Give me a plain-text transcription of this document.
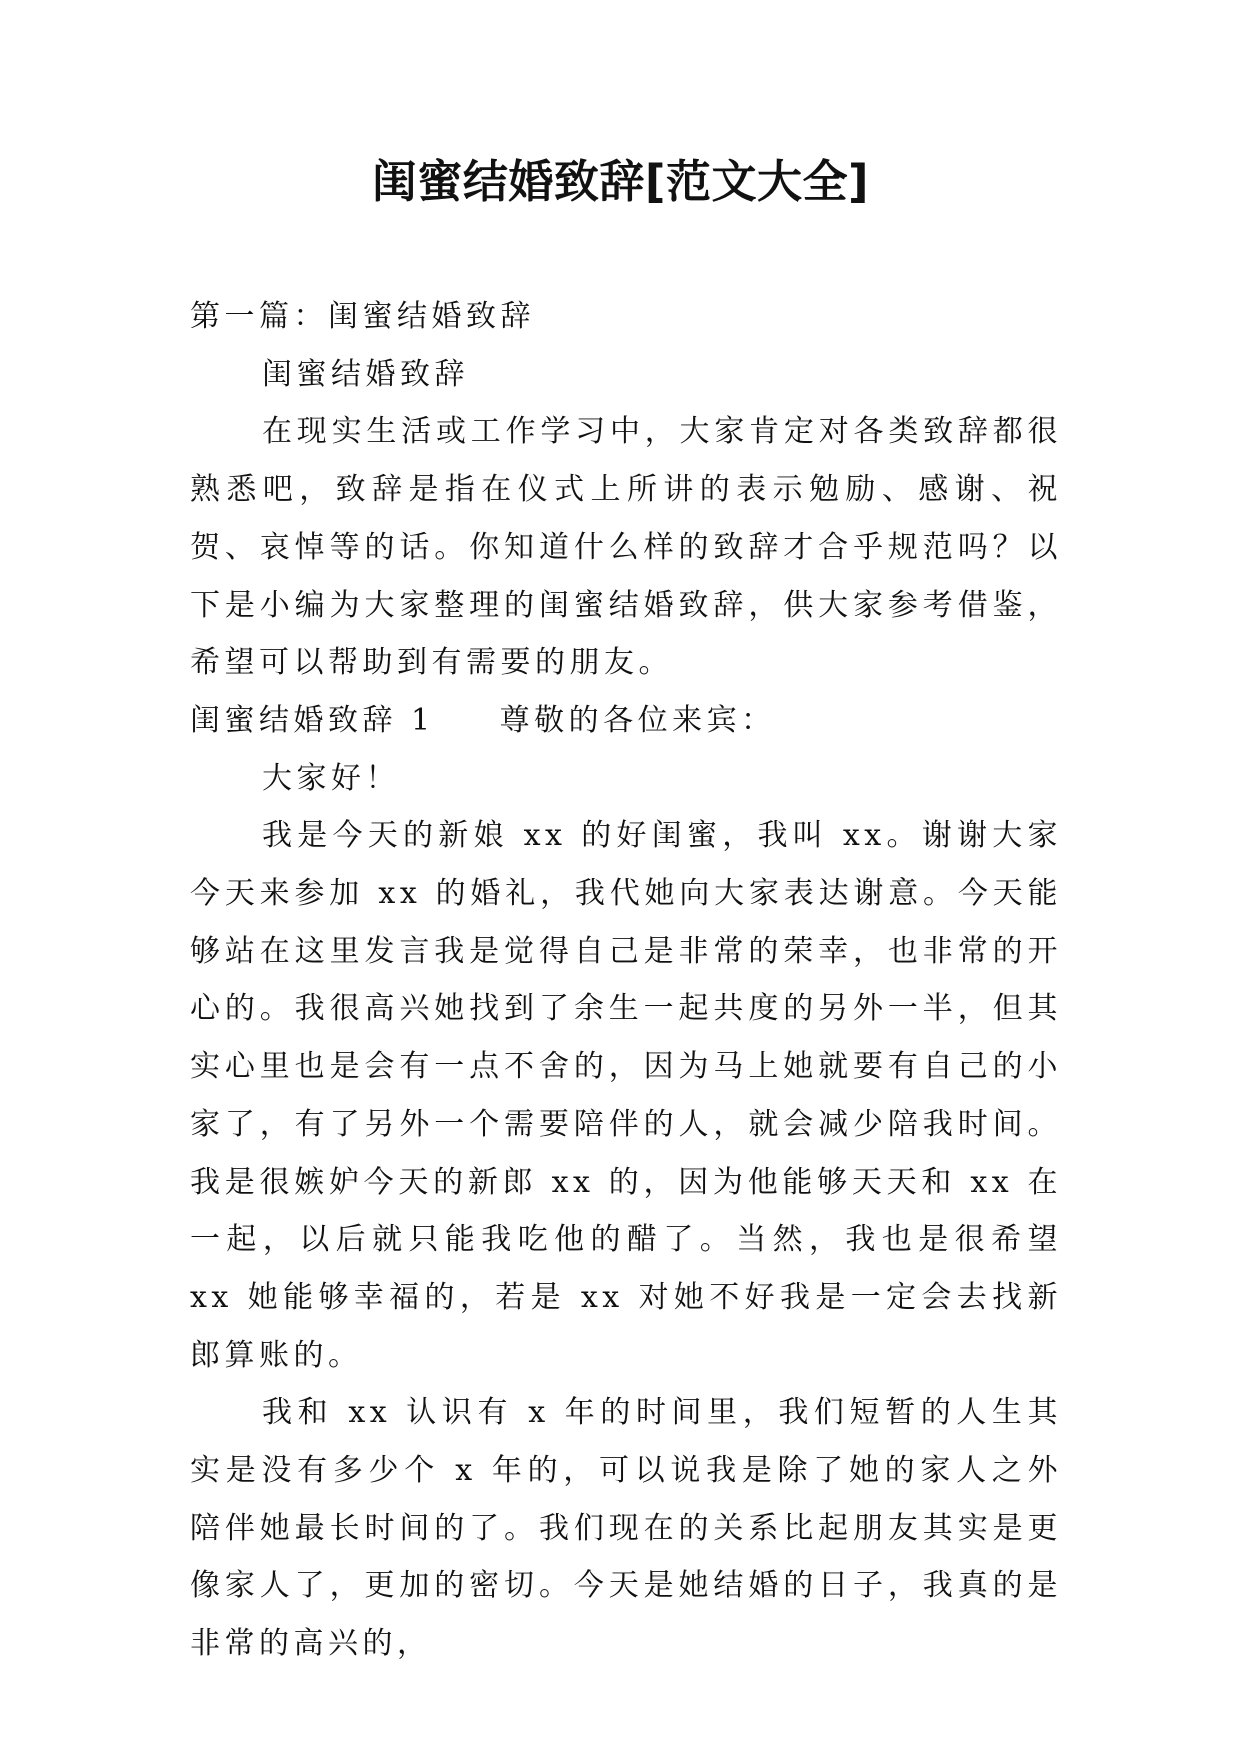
闺蜜结婚致辞[范文大全]

第一篇：闺蜜结婚致辞

闺蜜结婚致辞

在现实生活或工作学习中，大家肯定对各类致辞都很熟悉吧，致辞是指在仪式上所讲的表示勉励、感谢、祝贺、哀悼等的话。你知道什么样的致辞才合乎规范吗？以下是小编为大家整理的闺蜜结婚致辞，供大家参考借鉴，希望可以帮助到有需要的朋友。

闺蜜结婚致辞 1 尊敬的各位来宾：

大家好！

我是今天的新娘 xx 的好闺蜜，我叫 xx。谢谢大家今天来参加 xx 的婚礼，我代她向大家表达谢意。今天能够站在这里发言我是觉得自己是非常的荣幸，也非常的开心的。我很高兴她找到了余生一起共度的另外一半，但其实心里也是会有一点不舍的，因为马上她就要有自己的小家了，有了另外一个需要陪伴的人，就会减少陪我时间。我是很嫉妒今天的新郎 xx 的，因为他能够天天和 xx 在一起，以后就只能我吃他的醋了。当然，我也是很希望 xx 她能够幸福的，若是 xx 对她不好我是一定会去找新郎算账的。

我和 xx 认识有 x 年的时间里，我们短暂的人生其实是没有多少个 x 年的，可以说我是除了她的家人之外陪伴她最长时间的了。我们现在的关系比起朋友其实是更像家人了，更加的密切。今天是她结婚的日子，我真的是非常的高兴的，
